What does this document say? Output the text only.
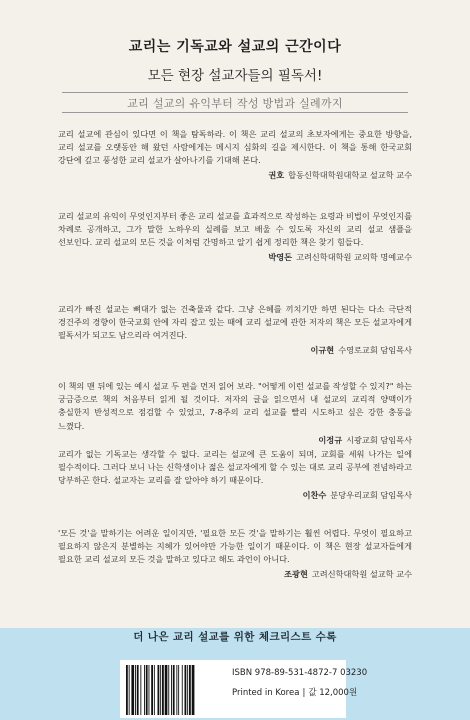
교리는 기독교와 설교의 근간이다
모든 현장 설교자들의 필독서!
교리 설교의 유익부터 작성 방법과 실례까지

교리 설교에 관심이 있다면 이 책을 탐독하라. 이 책은 교리 설교의 초보자에게는 중요한 방향을, 교리 설교를 오랫동안 해 왔던 사람에게는 메시지 심화의 길을 제시한다. 이 책을 통해 한국교회 강단에 깊고 풍성한 교리 설교가 살아나기를 기대해 본다.

권호 합동신학대학원대학교 설교학 교수

교리 설교의 유익이 무엇인지부터 좋은 교리 설교를 효과적으로 작성하는 요령과 비법이 무엇인지를 차례로 공개하고, 그가 말한 노하우의 실례를 보고 배울 수 있도록 자신의 교리 설교 샘플을 선보인다. 교리 설교의 모든 것을 이처럼 간명하고 알기 쉽게 정리한 책은 찾기 힘들다.

박영돈 고려신학대학원 교의학 명예교수

교리가 빠진 설교는 뼈대가 없는 건축물과 같다. 그냥 은혜를 끼치기만 하면 된다는 다소 극단적 경건주의 경향이 한국교회 안에 자리 잡고 있는 때에 교리 설교에 관한 저자의 책은 모든 설교자에게 필독서가 되고도 남으리라 여겨진다.

이규현 수영로교회 담임목사

이 책의 맨 뒤에 있는 예시 설교 두 편을 먼저 읽어 보라. "어떻게 이런 설교를 작성할 수 있지?" 하는 궁금증으로 책의 처음부터 읽게 될 것이다. 저자의 글을 읽으면서 내 설교의 교리적 양맥이가 충실한지 반성적으로 점검할 수 있었고, 7-8주의 교리 설교를 빨리 시도하고 싶은 강한 충동을 느꼈다.

이정규 시광교회 담임목사

교리가 없는 기독교는 생각할 수 없다. 교리는 설교에 큰 도움이 되며, 교회를 세워 나가는 일에 필수적이다. 그러다 보니 나는 신학생이나 젊은 설교자에게 할 수 있는 대로 교리 공부에 전념하라고 당부하곤 한다. 설교자는 교리를 잘 알아야 하기 때문이다.

이찬수 분당우리교회 담임목사

'모든 것'을 말하기는 어려운 일이지만, '필요한 모든 것'을 말하기는 훨씬 어렵다. 무엇이 필요하고 필요하지 않은지 분별하는 지혜가 있어야만 가능한 일이기 때문이다. 이 책은 현장 설교자들에게 필요한 교리 설교의 모든 것을 말하고 있다고 해도 과언이 아니다.

조광현 고려신학대학원 설교학 교수
더 나은 교리 설교를 위한 체크리스트 수록
ISBN 978-89-531-4872-7 03230
Printed in Korea | 값 12,000원
